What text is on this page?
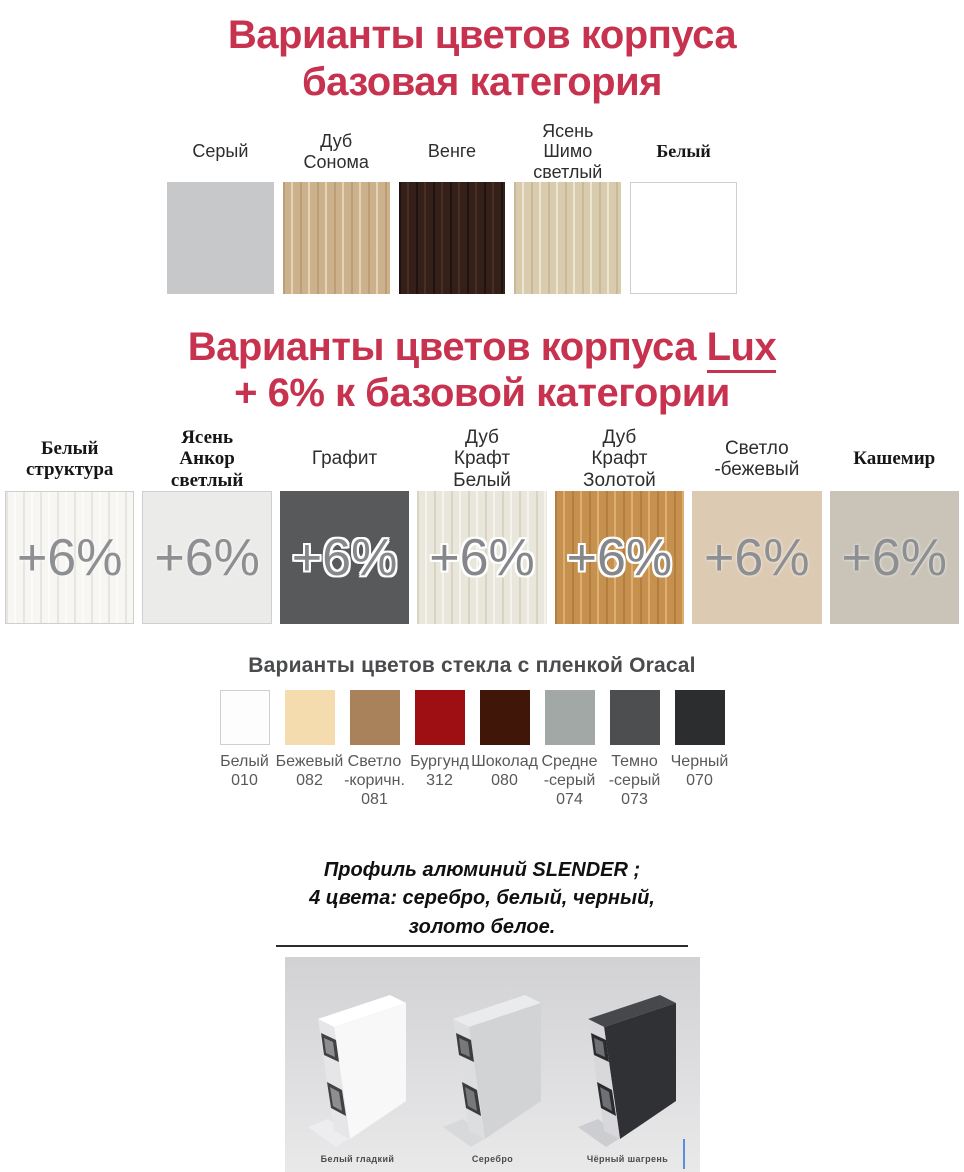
Варианты цветов корпуса
базовая категория
Серый
Дуб
Сонома
Венге
Ясень
Шимо
светлый
Белый
Варианты цветов корпуса Lux
+ 6% к базовой категории
Белый
структура
+6%
Ясень
Анкор
светлый
+6%
Графит
+6%
Дуб
Крафт
Белый
+6%
Дуб
Крафт
Золотой
+6%
Светло
-бежевый
+6%
Кашемир
+6%
Варианты цветов стекла с пленкой Oracal
Белый
010
Бежевый
082
Светло
-коричн.
081
Бургунд
312
Шоколад
080
Средне
-серый
074
Темно
-серый
073
Черный
070
Профиль алюминий SLENDER ;
4 цвета: серебро, белый, черный,
золото белое.
Белый гладкий	Серебро	Чёрный шагрень
